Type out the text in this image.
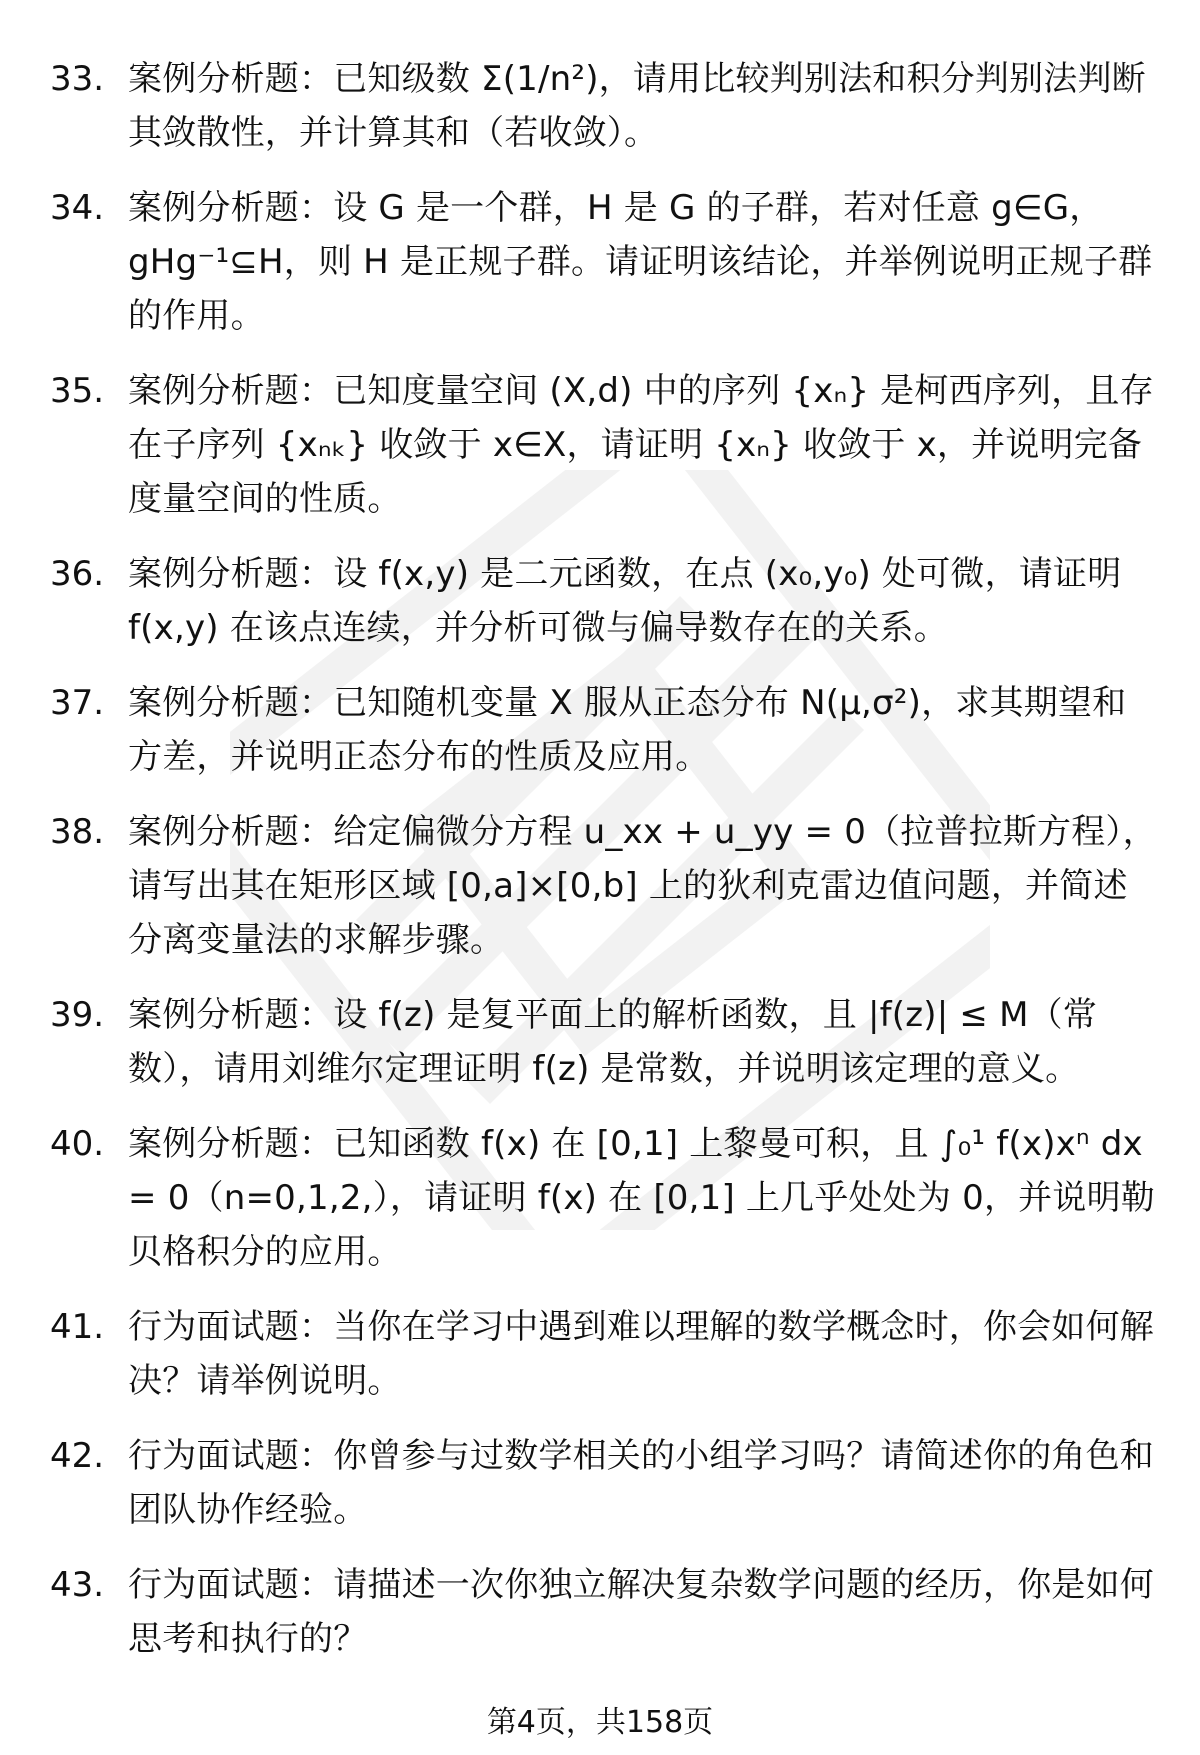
33. 案例分析题：已知级数 Σ(1/n²)，请用比较判别法和积分判别法判断其敛散性，并计算其和（若收敛）。
34. 案例分析题：设 G 是一个群，H 是 G 的子群，若对任意 g∈G，gHg⁻¹⊆H，则 H 是正规子群。请证明该结论，并举例说明正规子群的作用。
35. 案例分析题：已知度量空间 (X,d) 中的序列 {xₙ} 是柯西序列，且存在子序列 {xₙₖ} 收敛于 x∈X，请证明 {xₙ} 收敛于 x，并说明完备度量空间的性质。
36. 案例分析题：设 f(x,y) 是二元函数，在点 (x₀,y₀) 处可微，请证明 f(x,y) 在该点连续，并分析可微与偏导数存在的关系。
37. 案例分析题：已知随机变量 X 服从正态分布 N(μ,σ²)，求其期望和方差，并说明正态分布的性质及应用。
38. 案例分析题：给定偏微分方程 u_xx + u_yy = 0（拉普拉斯方程），请写出其在矩形区域 [0,a]×[0,b] 上的狄利克雷边值问题，并简述分离变量法的求解步骤。
39. 案例分析题：设 f(z) 是复平面上的解析函数，且 |f(z)| ≤ M（常数），请用刘维尔定理证明 f(z) 是常数，并说明该定理的意义。
40. 案例分析题：已知函数 f(x) 在 [0,1] 上黎曼可积，且 ∫₀¹ f(x)xⁿ dx = 0（n=0,1,2,），请证明 f(x) 在 [0,1] 上几乎处处为 0，并说明勒贝格积分的应用。
41. 行为面试题：当你在学习中遇到难以理解的数学概念时，你会如何解决？请举例说明。
42. 行为面试题：你曾参与过数学相关的小组学习吗？请简述你的角色和团队协作经验。
43. 行为面试题：请描述一次你独立解决复杂数学问题的经历，你是如何思考和执行的？
第4页，共158页
